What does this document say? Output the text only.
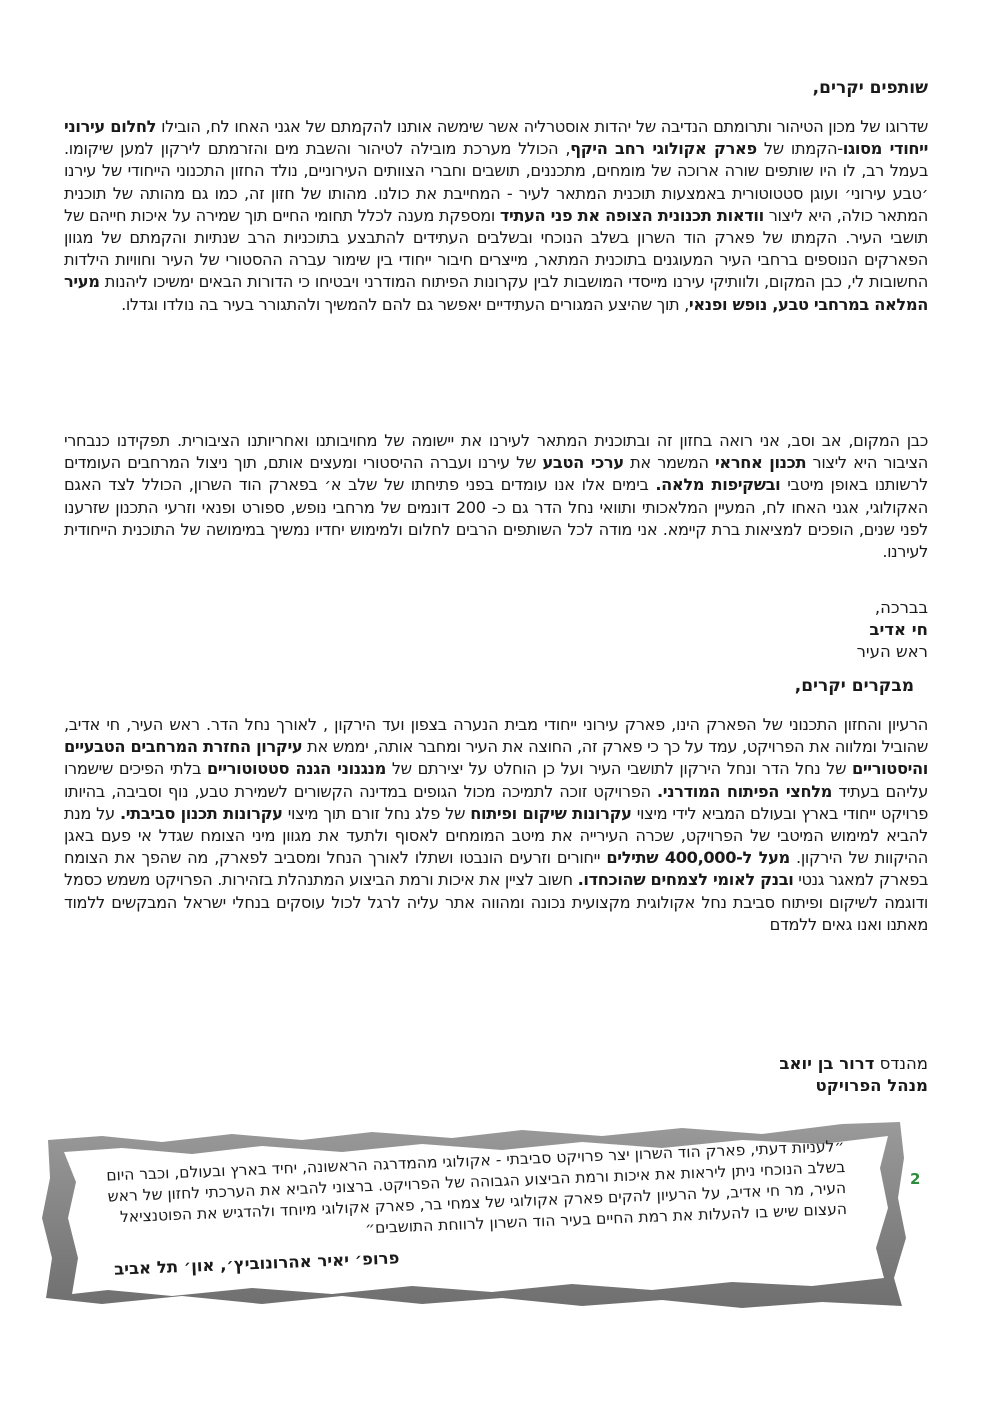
שותפים יקרים,
שדרוגו של מכון הטיהור ותרומתם הנדיבה של יהדות אוסטרליה אשר שימשה אותנו להקמתם של אגני האחו לח, הובילו לחלום עירוני ייחודי מסוגו-הקמתו של פארק אקולוגי רחב היקף, הכולל מערכת מובילה לטיהור והשבת מים והזרמתם לירקון למען שיקומו. בעמל רב, לו היו שותפים שורה ארוכה של מומחים, מתכננים, תושבים וחברי הצוותים העירוניים, נולד החזון התכנוני הייחודי של עירנו ׳טבע עירוני׳ ועוגן סטטוטורית באמצעות תוכנית המתאר לעיר - המחייבת את כולנו. מהותו של חזון זה, כמו גם מהותה של תוכנית המתאר כולה, היא ליצור וודאות תכנונית הצופה את פני העתיד ומספקת מענה לכלל תחומי החיים תוך שמירה על איכות חייהם של תושבי העיר. הקמתו של פארק הוד השרון בשלב הנוכחי ובשלבים העתידים להתבצע בתוכניות הרב שנתיות והקמתם של מגוון הפארקים הנוספים ברחבי העיר המעוגנים בתוכנית המתאר, מייצרים חיבור ייחודי בין שימור עברה ההסטורי של העיר וחוויות הילדות החשובות לי, כבן המקום, ולוותיקי עירנו מייסדי המושבות לבין עקרונות הפיתוח המודרני ויבטיחו כי הדורות הבאים ימשיכו ליהנות מעיר המלאה במרחבי טבע, נופש ופנאי, תוך שהיצע המגורים העתידיים יאפשר גם להם להמשיך ולהתגורר בעיר בה נולדו וגדלו.
כבן המקום, אב וסב, אני רואה בחזון זה ובתוכנית המתאר לעירנו את יישומה של מחויבותנו ואחריותנו הציבורית. תפקידנו כנבחרי הציבור היא ליצור תכנון אחראי המשמר את ערכי הטבע של עירנו ועברה ההיסטורי ומעצים אותם, תוך ניצול המרחבים העומדים לרשותנו באופן מיטבי ובשקיפות מלאה. בימים אלו אנו עומדים בפני פתיחתו של שלב א׳ בפארק הוד השרון, הכולל לצד האגם האקולוגי, אגני האחו לח, המעיין המלאכותי ותוואי נחל הדר גם כ- 200 דונמים של מרחבי נופש, ספורט ופנאי וזרעי התכנון שזרענו לפני שנים, הופכים למציאות ברת קיימא. אני מודה לכל השותפים הרבים לחלום ולמימוש יחדיו נמשיך במימושה של התוכנית הייחודית לעירנו.
בברכה,
חי אדיב
ראש העיר
מבקרים יקרים,
הרעיון והחזון התכנוני של הפארק הינו, פארק עירוני ייחודי מבית הנערה בצפון ועד הירקון , לאורך נחל הדר. ראש העיר, חי אדיב, שהוביל ומלווה את הפרויקט, עמד על כך כי פארק זה, החוצה את העיר ומחבר אותה, יממש את עיקרון החזרת המרחבים הטבעיים והיסטוריים של נחל הדר ונחל הירקון לתושבי העיר ועל כן הוחלט על יצירתם של מנגנוני הגנה סטטוטוריים בלתי הפיכים שישמרו עליהם בעתיד מלחצי הפיתוח המודרני. הפרויקט זוכה לתמיכה מכול הגופים במדינה הקשורים לשמירת טבע, נוף וסביבה, בהיותו פרויקט ייחודי בארץ ובעולם המביא לידי מיצוי עקרונות שיקום ופיתוח של פלג נחל זורם תוך מיצוי עקרונות תכנון סביבתי. על מנת להביא למימוש המיטבי של הפרויקט, שכרה העירייה את מיטב המומחים לאסוף ולתעד את מגוון מיני הצומח שגדל אי פעם באגן ההיקוות של הירקון. מעל ל-400,000 שתילים ייחורים וזרעים הונבטו ושתלו לאורך הנחל ומסביב לפארק, מה שהפך את הצומח בפארק למאגר גנטי ובנק לאומי לצמחים שהוכחדו. חשוב לציין את איכות ורמת הביצוע המתנהלת בזהירות. הפרויקט משמש כסמל ודוגמה לשיקום ופיתוח סביבת נחל אקולוגית מקצועית נכונה ומהווה אתר עליה לרגל לכול עוסקים בנחלי ישראל המבקשים ללמוד מאתנו ואנו גאים ללמדם
מהנדס דרור בן יואב
מנהל הפרויקט
״לעניות דעתי, פארק הוד השרון יצר פרויקט סביבתי - אקולוגי מהמדרגה הראשונה, יחיד בארץ ובעולם, וכבר היום בשלב הנוכחי ניתן ליראות את איכות ורמת הביצוע הגבוהה של הפרויקט. ברצוני להביא את הערכתי לחזון של ראש העיר, מר חי אדיב, על הרעיון להקים פארק אקולוגי של צמחי בר, פארק אקולוגי מיוחד ולהדגיש את הפוטנציאל העצום שיש בו להעלות את רמת החיים בעיר הוד השרון לרווחת התושבים״
פרופ׳ יאיר אהרונוביץ׳, און׳ תל אביב
2
